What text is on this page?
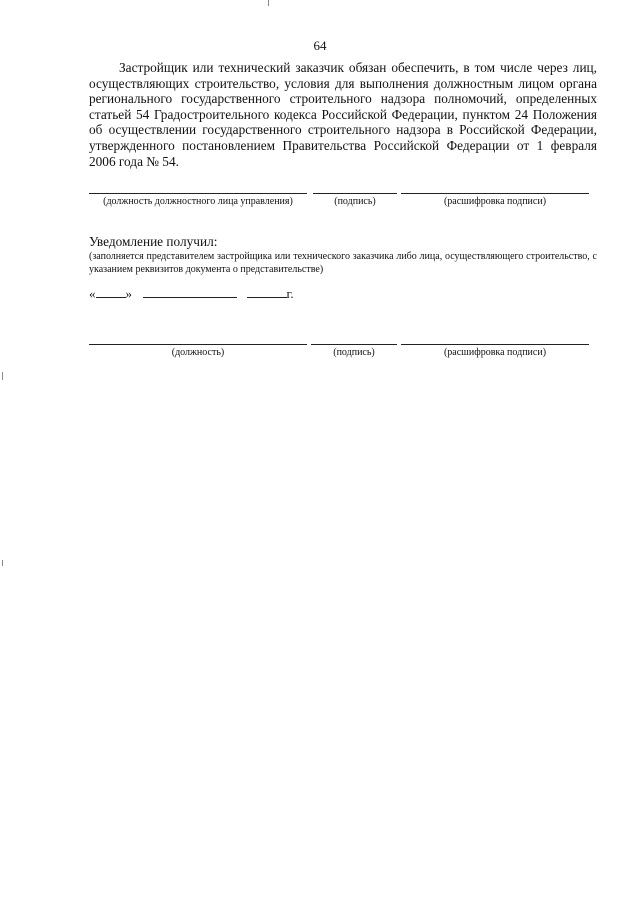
64
Застройщик или технический заказчик обязан обеспечить, в том числе через лиц, осуществляющих строительство, условия для выполнения должностным лицом органа регионального государственного строительного надзора полномочий, определенных статьей 54 Градостроительного кодекса Российской Федерации, пунктом 24 Положения об осуществлении государственного строительного надзора в Российской Федерации, утвержденного постановлением Правительства Российской Федерации от 1 февраля 2006 года № 54.
(должность должностного лица управления)	(подпись)	(расшифровка подписи)
Уведомление получил:
(заполняется представителем застройщика или технического заказчика либо лица, осуществляющего строительство, с указанием реквизитов документа о представительстве)
« »	г.
(должность)	(подпись)	(расшифровка подписи)
